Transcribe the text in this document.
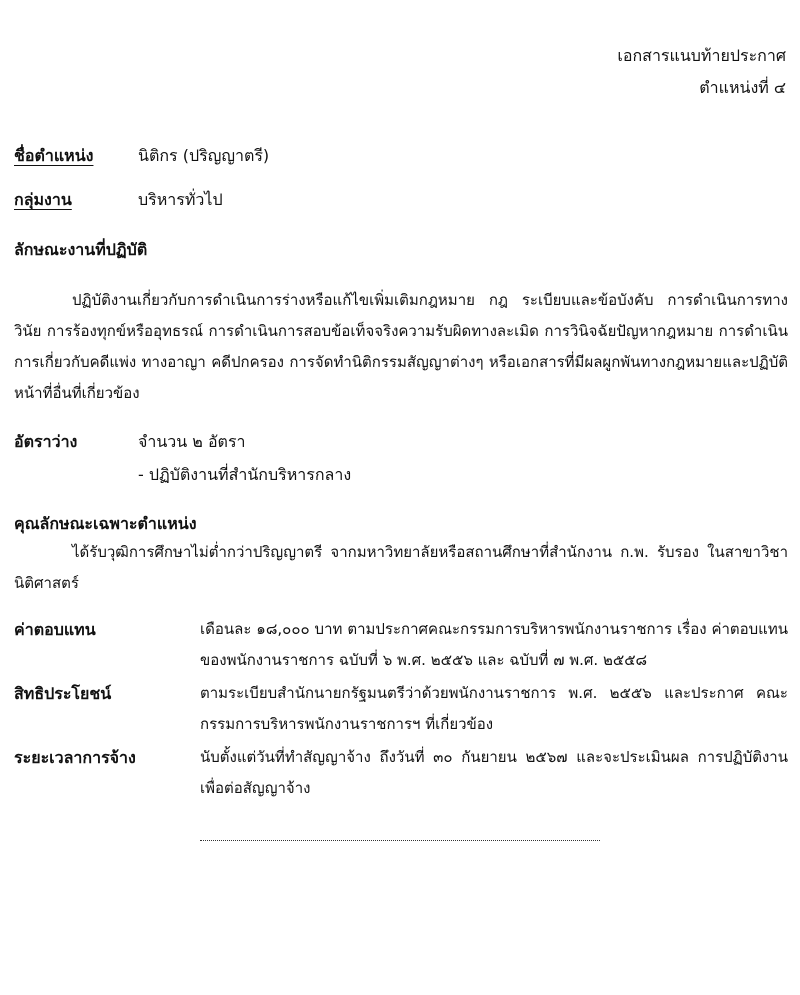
เอกสารแนบท้ายประกาศ
ตำแหน่งที่ ๔
ชื่อตำแหน่ง	นิติกร (ปริญญาตรี)
กลุ่มงาน	บริหารทั่วไป
ลักษณะงานที่ปฏิบัติ
ปฏิบัติงานเกี่ยวกับการดำเนินการร่างหรือแก้ไขเพิ่มเติมกฎหมาย กฎ ระเบียบและข้อบังคับ การดำเนินการทางวินัย การร้องทุกข์หรืออุทธรณ์ การดำเนินการสอบข้อเท็จจริงความรับผิดทางละเมิด การวินิจฉัยปัญหากฎหมาย การดำเนินการเกี่ยวกับคดีแพ่ง ทางอาญา คดีปกครอง การจัดทำนิติกรรมสัญญาต่างๆ หรือเอกสารที่มีผลผูกพันทางกฎหมายและปฏิบัติหน้าที่อื่นที่เกี่ยวข้อง
อัตราว่าง	จำนวน ๒ อัตรา
- ปฏิบัติงานที่สำนักบริหารกลาง
คุณลักษณะเฉพาะตำแหน่ง
ได้รับวุฒิการศึกษาไม่ต่ำกว่าปริญญาตรี จากมหาวิทยาลัยหรือสถานศึกษาที่สำนักงาน ก.พ. รับรอง ในสาขาวิชานิติศาสตร์
ค่าตอบแทน	เดือนละ ๑๘,๐๐๐ บาท ตามประกาศคณะกรรมการบริหารพนักงานราชการ เรื่อง ค่าตอบแทนของพนักงานราชการ ฉบับที่ ๖ พ.ศ. ๒๕๕๖ และ ฉบับที่ ๗ พ.ศ. ๒๕๕๘
สิทธิประโยชน์	ตามระเบียบสำนักนายกรัฐมนตรีว่าด้วยพนักงานราชการ พ.ศ. ๒๕๕๖ และประกาศ คณะกรรมการบริหารพนักงานราชการฯ ที่เกี่ยวข้อง
ระยะเวลาการจ้าง	นับตั้งแต่วันที่ทำสัญญาจ้าง ถึงวันที่ ๓๐ กันยายน ๒๕๖๗ และจะประเมินผล การปฏิบัติงานเพื่อต่อสัญญาจ้าง
